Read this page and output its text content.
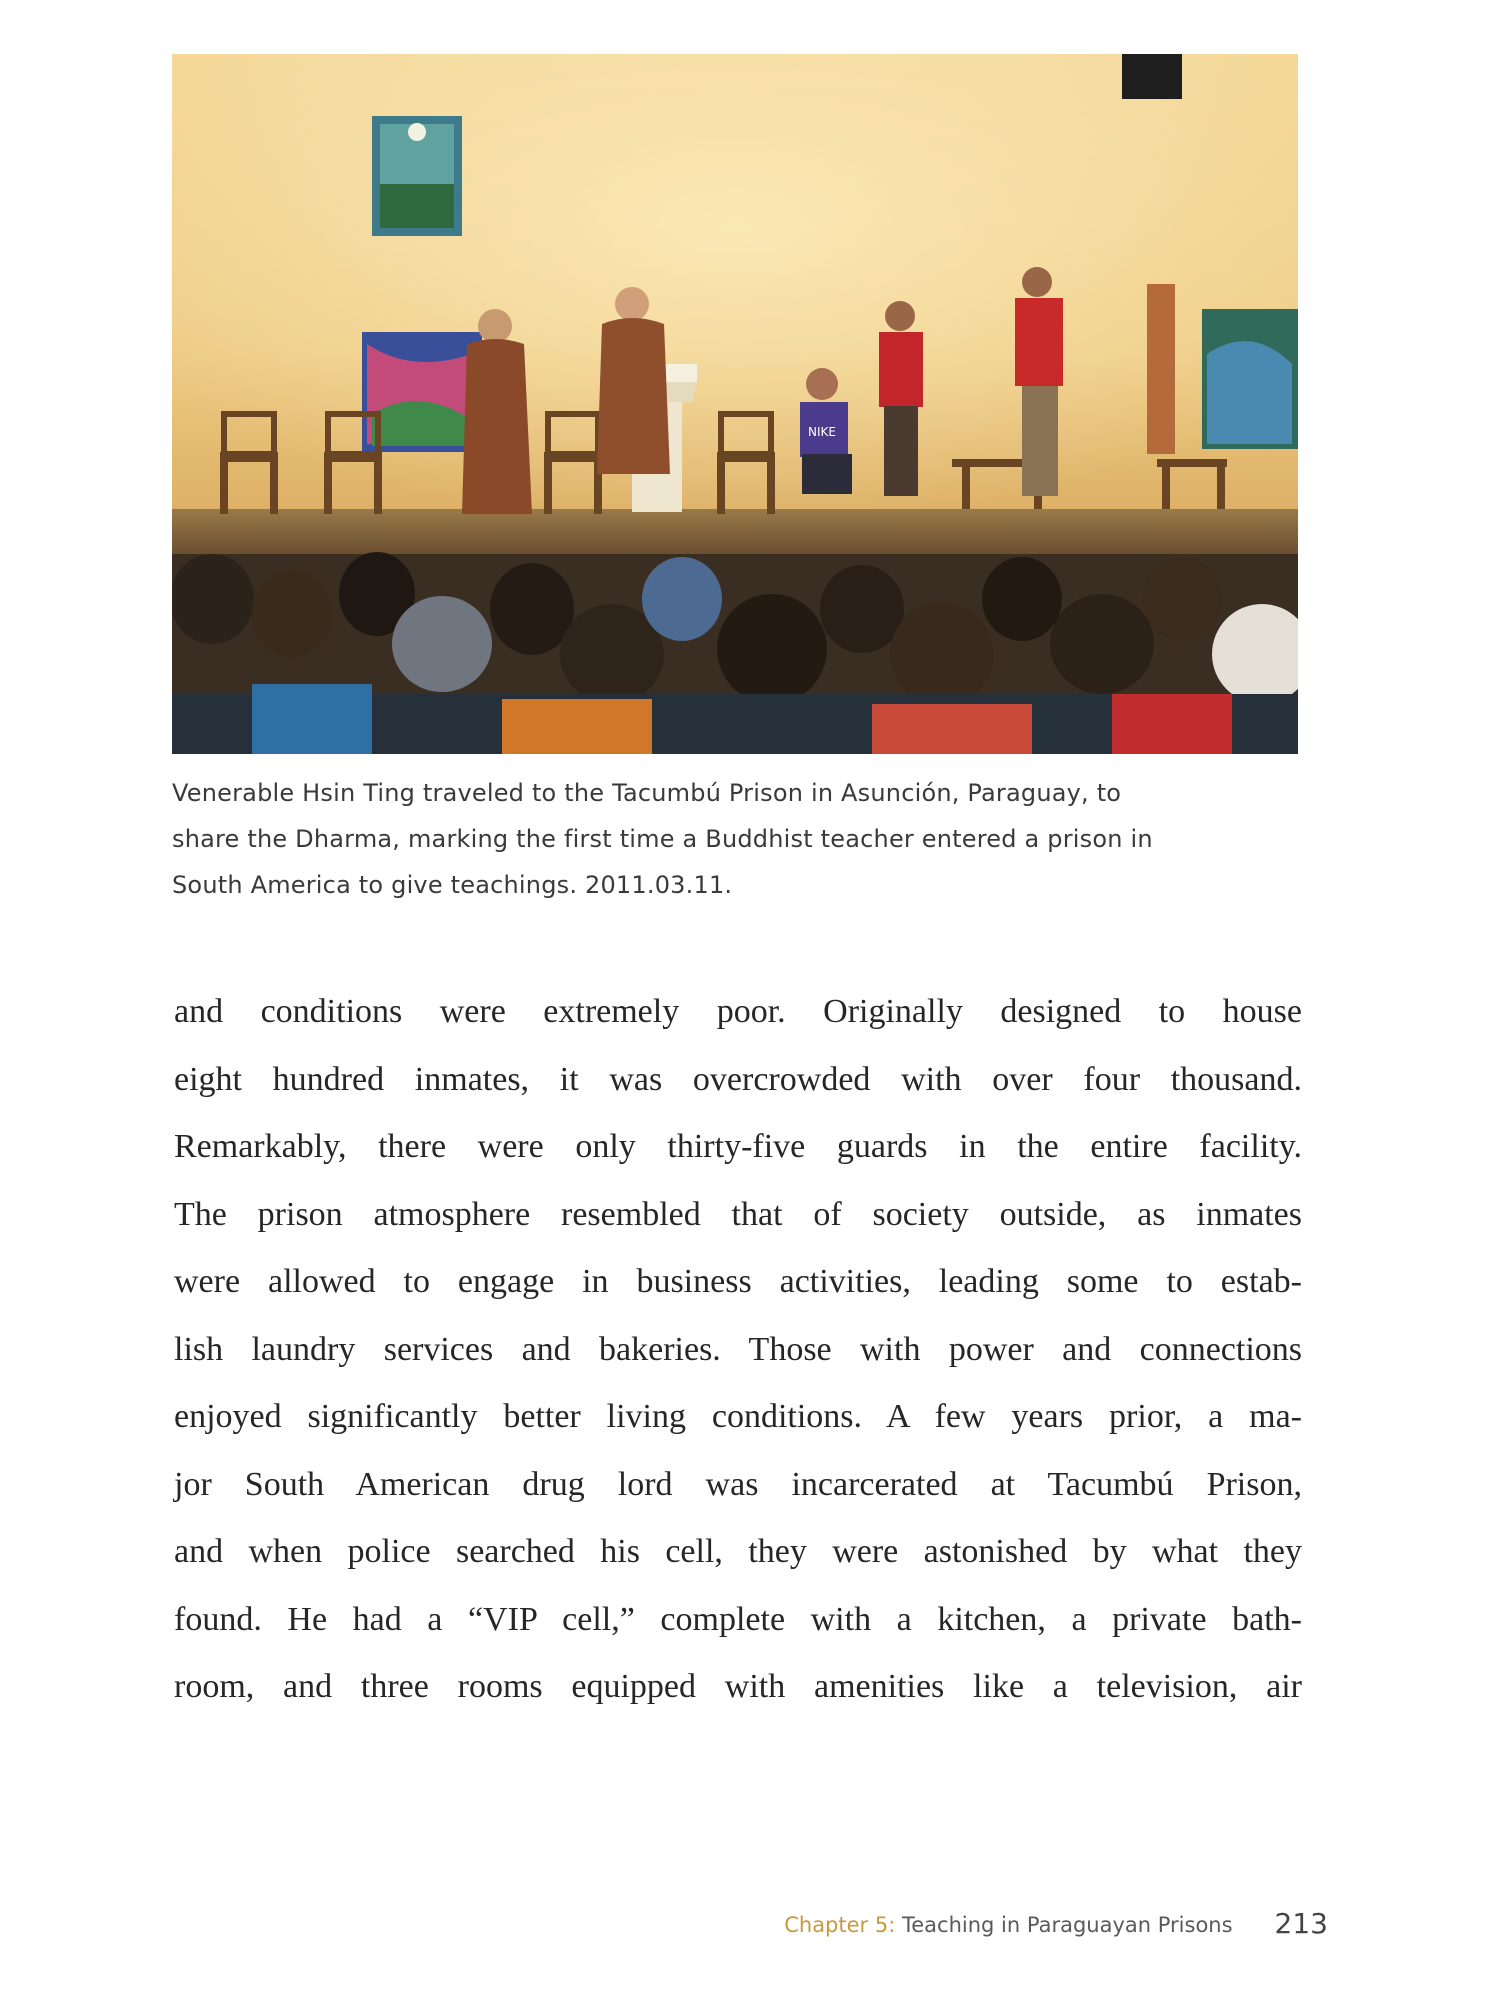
NIKE
Venerable Hsin Ting traveled to the Tacumbú Prison in Asunción, Paraguay, to
share the Dharma, marking the first time a Buddhist teacher entered a prison in
South America to give teachings. 2011.03.11.
and conditions were extremely poor. Originally designed to house
eight hundred inmates, it was overcrowded with over four thousand.
Remarkably, there were only thirty-five guards in the entire facility.
The prison atmosphere resembled that of society outside, as inmates
were allowed to engage in business activities, leading some to estab-
lish laundry services and bakeries. Those with power and connections
enjoyed significantly better living conditions. A few years prior, a ma-
jor South American drug lord was incarcerated at Tacumbú Prison,
and when police searched his cell, they were astonished by what they
found. He had a “VIP cell,” complete with a kitchen, a private bath-
room, and three rooms equipped with amenities like a television, air
Chapter 5 : Teaching in Paraguayan Prisons 213
